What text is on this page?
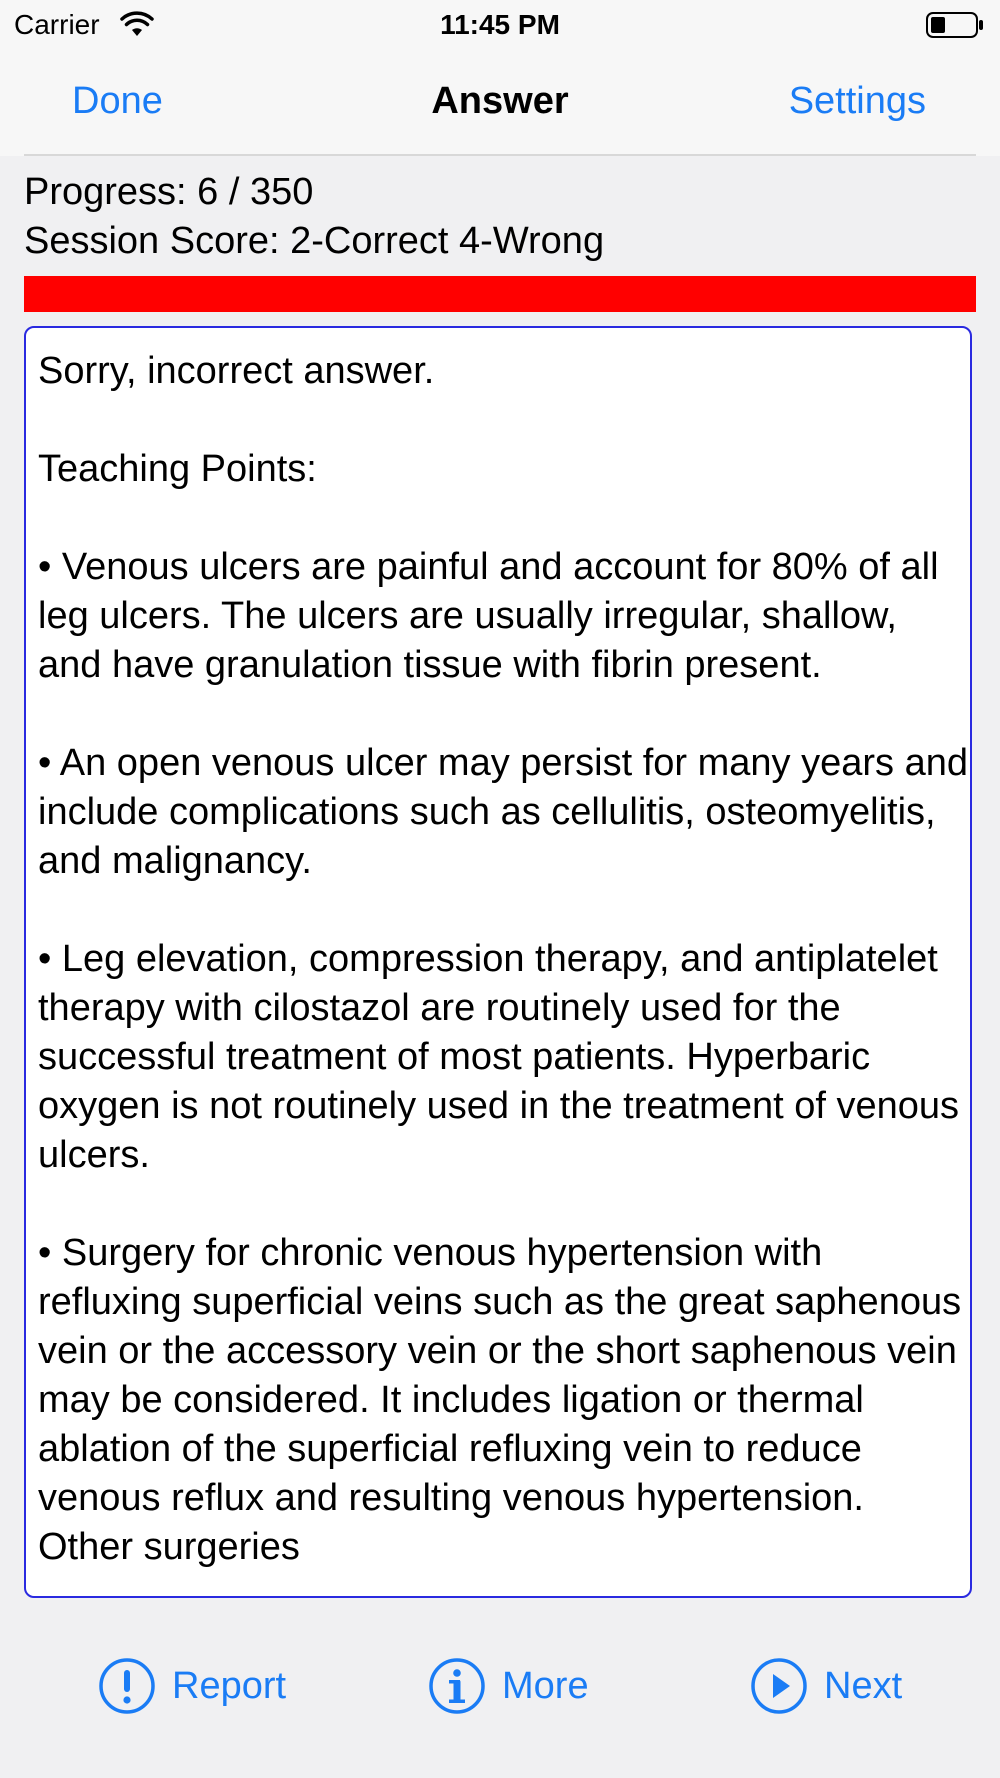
Carrier	11:45 PM
Done	Answer	Settings
Progress: 6 / 350
Session Score: 2-Correct 4-Wrong
Sorry, incorrect answer.

Teaching Points:

• Venous ulcers are painful and account for 80% of all leg ulcers. The ulcers are usually irregular, shallow, and have granulation tissue with fibrin present.

• An open venous ulcer may persist for many years and include complications such as cellulitis, osteomyelitis, and malignancy.

• Leg elevation, compression therapy, and antiplatelet therapy with cilostazol are routinely used for the successful treatment of most patients. Hyperbaric oxygen is not routinely used in the treatment of venous ulcers.

• Surgery for chronic venous hypertension with refluxing superficial veins such as the great saphenous vein or the accessory vein or the short saphenous vein may be considered. It includes ligation or thermal ablation of the superficial refluxing vein to reduce venous reflux and resulting venous hypertension. Other surgeries
Report	More	Next
